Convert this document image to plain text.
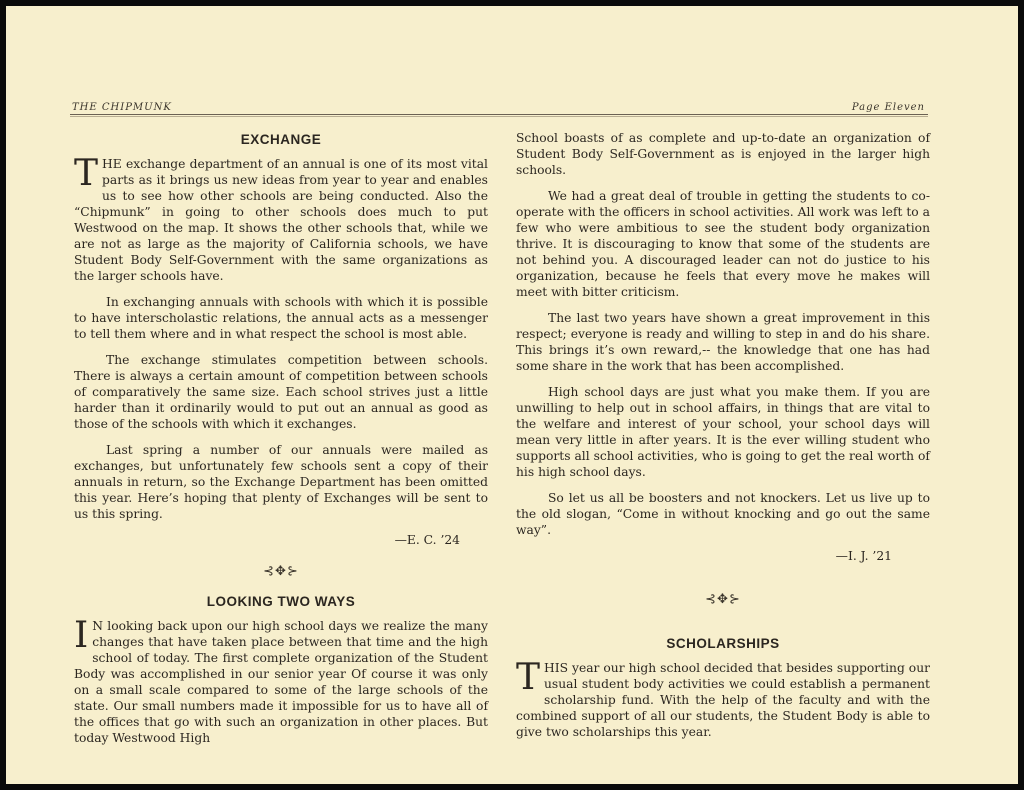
THE CHIPMUNK	Page Eleven
EXCHANGE

THE exchange department of an annual is one of its most vital parts as it brings us new ideas from year to year and enables us to see how other schools are being conducted. Also the “Chipmunk” in going to other schools does much to put Westwood on the map. It shows the other schools that, while we are not as large as the majority of California schools, we have Student Body Self-Government with the same organizations as the larger schools have.

In exchanging annuals with schools with which it is possible to have interscholastic relations, the annual acts as a messenger to tell them where and in what respect the school is most able.

The exchange stimulates competition between schools. There is always a certain amount of competition between schools of comparatively the same size. Each school strives just a little harder than it ordinarily would to put out an annual as good as those of the schools with which it exchanges.

Last spring a number of our annuals were mailed as exchanges, but unfortunately few schools sent a copy of their annuals in return, so the Exchange Department has been omitted this year. Here’s hoping that plenty of Exchanges will be sent to us this spring.

—E. C. ’24

⊰✥⊱
LOOKING TWO WAYS

I N looking back upon our high school days we realize the many changes that have taken place between that time and the high school of today. The first complete organization of the Student Body was accomplished in our senior year Of course it was only on a small scale compared to some of the large schools of the state. Our small numbers made it impossible for us to have all of the offices that go with such an organization in other places. But today Westwood High

School boasts of as complete and up-to-date an organization of Student Body Self-Government as is enjoyed in the larger high schools.

We had a great deal of trouble in getting the students to co-operate with the officers in school activities. All work was left to a few who were ambitious to see the student body organization thrive. It is discouraging to know that some of the students are not behind you. A discouraged leader can not do justice to his organization, because he feels that every move he makes will meet with bitter criticism.

The last two years have shown a great improvement in this respect; everyone is ready and willing to step in and do his share. This brings it’s own reward,-- the knowledge that one has had some share in the work that has been accomplished.

High school days are just what you make them. If you are unwilling to help out in school affairs, in things that are vital to the welfare and interest of your school, your school days will mean very little in after years. It is the ever willing student who supports all school activities, who is going to get the real worth of his high school days.

So let us all be boosters and not knockers. Let us live up to the old slogan, “Come in without knocking and go out the same way”.

—I. J. ’21

⊰✥⊱
SCHOLARSHIPS

THIS year our high school decided that besides supporting our usual student body activities we could establish a permanent scholarship fund. With the help of the faculty and with the combined support of all our students, the Student Body is able to give two scholarships this year.
